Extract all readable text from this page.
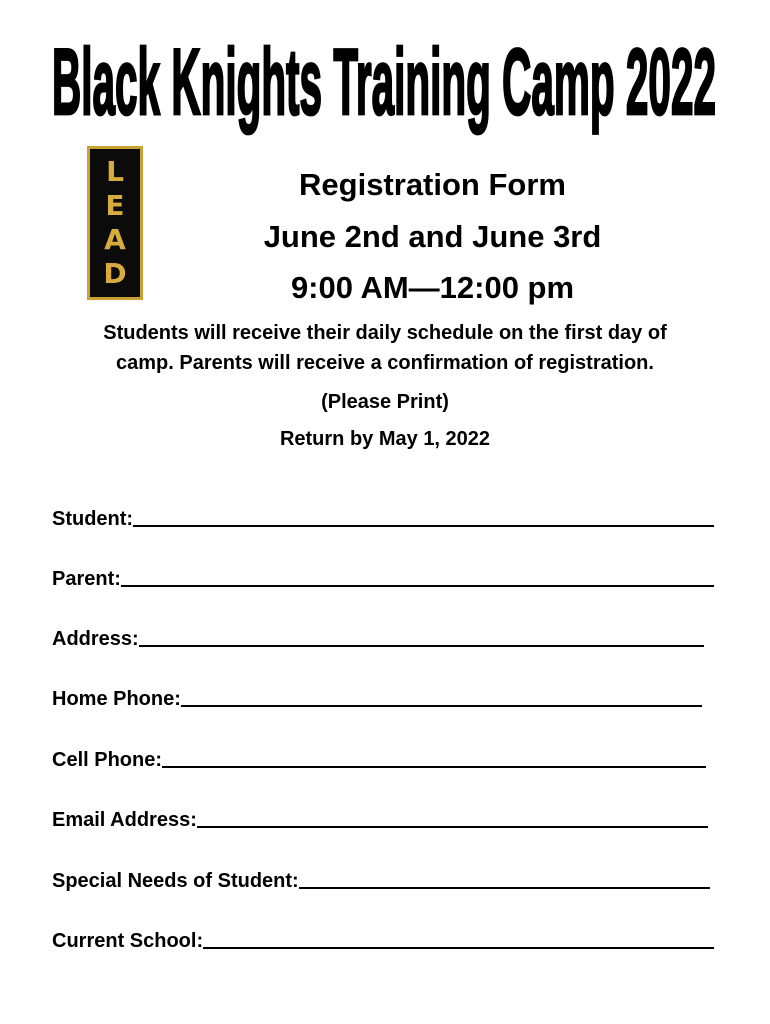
Black Knights Training Camp 2022
L
E
A
D
Registration Form
June 2nd and June 3rd
9:00 AM—12:00 pm
Students will receive their daily schedule on the first day of
camp. Parents will receive a confirmation of registration.
(Please Print)
Return by May 1, 2022
Student:
Parent:
Address:
Home Phone:
Cell Phone:
Email Address:
Special Needs of Student:
Current School:
